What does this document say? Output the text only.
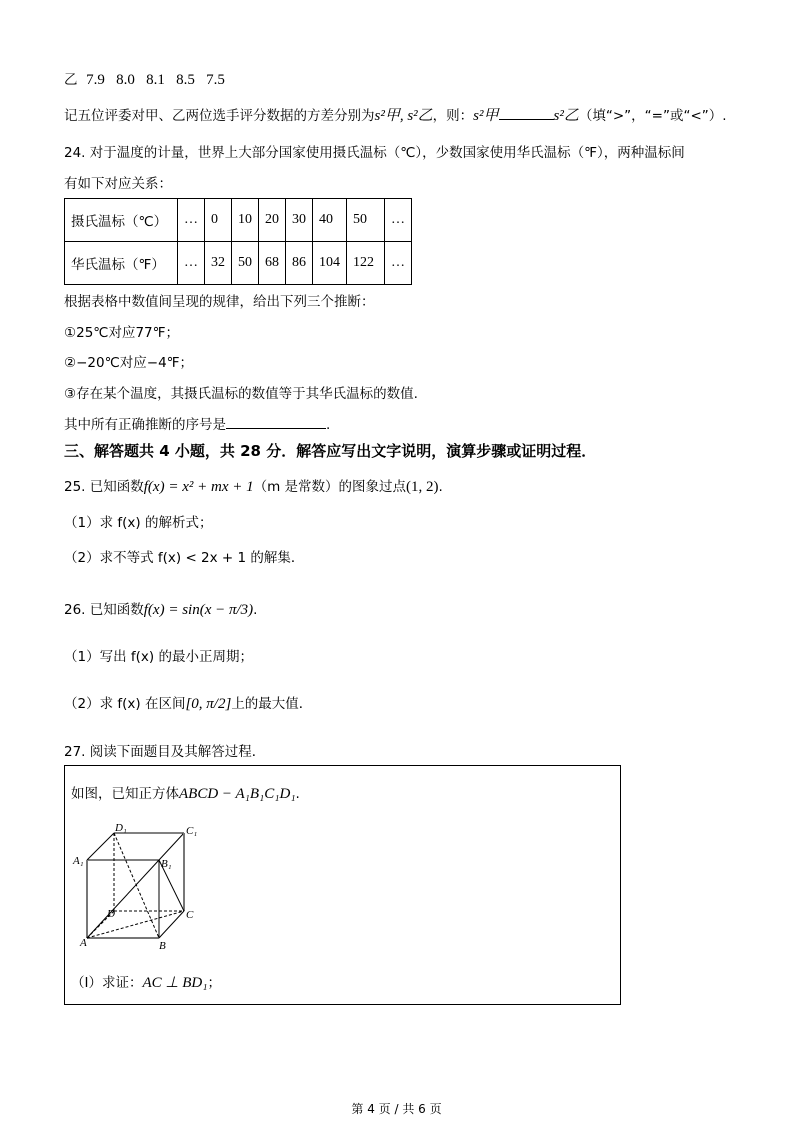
乙 7.9   8.0   8.1   8.5   7.5
记五位评委对甲、乙两位选手评分数据的方差分别为s²甲, s²乙，则：s²甲	s²乙（填“>”，“=”或“<”）.
24. 对于温度的计量，世界上大部分国家使用摄氏温标（℃），少数国家使用华氏温标（℉），两种温标间
有如下对应关系：
摄氏温标（℃）	…	0	10	20	30	40	50	…
华氏温标（℉）	…	32	50	68	86	104	122	…
根据表格中数值间呈现的规律，给出下列三个推断：
①25℃对应77℉；
②−20℃对应−4℉；
③存在某个温度，其摄氏温标的数值等于其华氏温标的数值.
其中所有正确推断的序号是	.
三、解答题共 4 小题，共 28 分．解答应写出文字说明，演算步骤或证明过程．
25. 已知函数f(x) = x² + mx + 1（m 是常数）的图象过点(1, 2).
（1）求 f(x) 的解析式；
（2）求不等式 f(x) < 2x + 1 的解集．
26. 已知函数f(x) = sin(x − π/3).
（1）写出 f(x) 的最小正周期；
（2）求 f(x) 在区间[0, π/2]上的最大值．
27. 阅读下面题目及其解答过程．
如图，已知正方体ABCD − A₁B₁C₁D₁.
D₁	C₁
A₁	B₁
D	C
A	B
（I）求证：AC ⊥ BD₁；
第 4 页 / 共 6 页
